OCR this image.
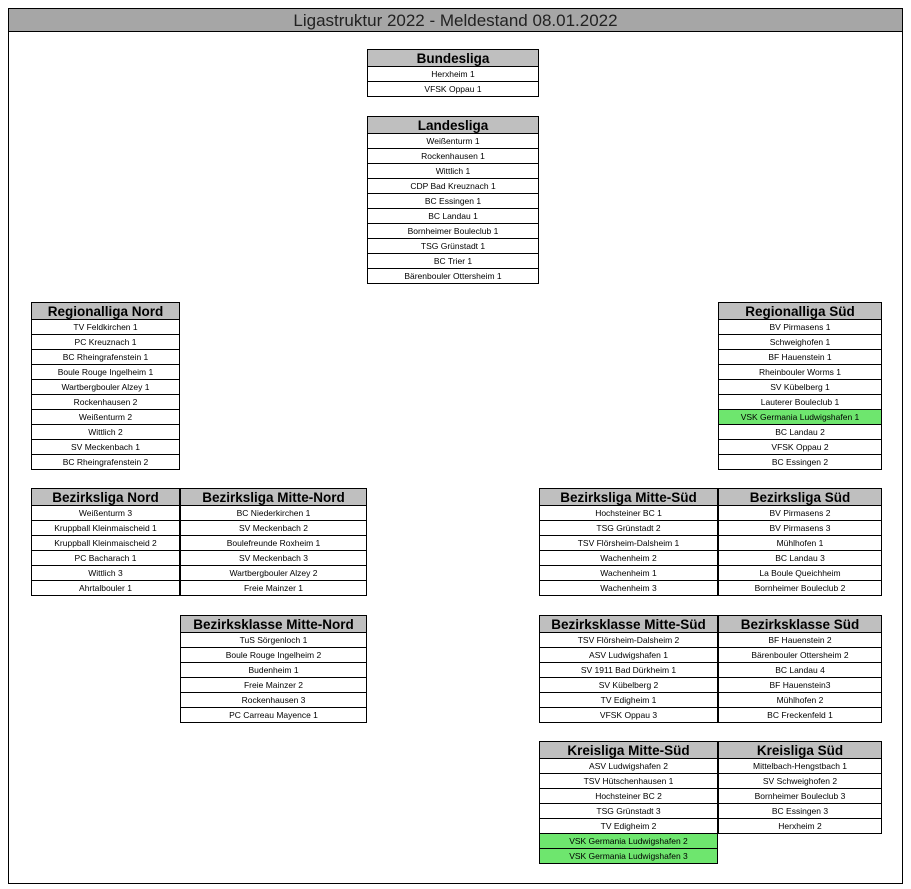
Ligastruktur 2022 - Meldestand 08.01.2022
Bundesliga
Herxheim 1
VFSK Oppau 1
Landesliga
Weißenturm 1
Rockenhausen 1
Wittlich 1
CDP Bad Kreuznach 1
BC Essingen 1
BC Landau 1
Bornheimer Bouleclub 1
TSG Grünstadt 1
BC Trier 1
Bärenbouler Ottersheim 1
Regionalliga Nord
TV Feldkirchen 1
PC Kreuznach 1
BC Rheingrafenstein 1
Boule Rouge Ingelheim 1
Wartbergbouler Alzey 1
Rockenhausen 2
Weißenturm 2
Wittlich 2
SV Meckenbach 1
BC Rheingrafenstein 2
Regionalliga Süd
BV Pirmasens 1
Schweighofen 1
BF Hauenstein 1
Rheinbouler Worms 1
SV Kübelberg 1
Lauterer Bouleclub 1
VSK Germania Ludwigshafen 1
BC Landau 2
VFSK Oppau 2
BC Essingen 2
Bezirksliga Nord
Weißenturm 3
Kruppball Kleinmaischeid 1
Kruppball Kleinmaischeid 2
PC Bacharach 1
Wittlich 3
Ahrtalbouler 1
Bezirksliga Mitte-Nord
BC Niederkirchen 1
SV Meckenbach 2
Boulefreunde Roxheim 1
SV Meckenbach 3
Wartbergbouler Alzey 2
Freie Mainzer 1
Bezirksliga Mitte-Süd
Hochsteiner BC 1
TSG Grünstadt 2
TSV Flörsheim-Dalsheim 1
Wachenheim 2
Wachenheim 1
Wachenheim 3
Bezirksliga Süd
BV Pirmasens 2
BV Pirmasens 3
Mühlhofen 1
BC Landau 3
La Boule Queichheim
Bornheimer Bouleclub 2
Bezirksklasse Mitte-Nord
TuS Sörgenloch 1
Boule Rouge Ingelheim 2
Budenheim 1
Freie Mainzer 2
Rockenhausen 3
PC Carreau Mayence 1
Bezirksklasse Mitte-Süd
TSV Flörsheim-Dalsheim 2
ASV Ludwigshafen 1
SV 1911 Bad Dürkheim 1
SV Kübelberg 2
TV Edigheim 1
VFSK Oppau 3
Bezirksklasse Süd
BF Hauenstein 2
Bärenbouler Ottersheim 2
BC Landau 4
BF Hauenstein3
Mühlhofen 2
BC Freckenfeld 1
Kreisliga Mitte-Süd
ASV Ludwigshafen 2
TSV Hütschenhausen 1
Hochsteiner BC 2
TSG Grünstadt 3
TV Edigheim 2
VSK Germania Ludwigshafen 2
VSK Germania Ludwigshafen 3
Kreisliga Süd
Mittelbach-Hengstbach 1
SV Schweighofen 2
Bornheimer Bouleclub 3
BC Essingen 3
Herxheim 2
